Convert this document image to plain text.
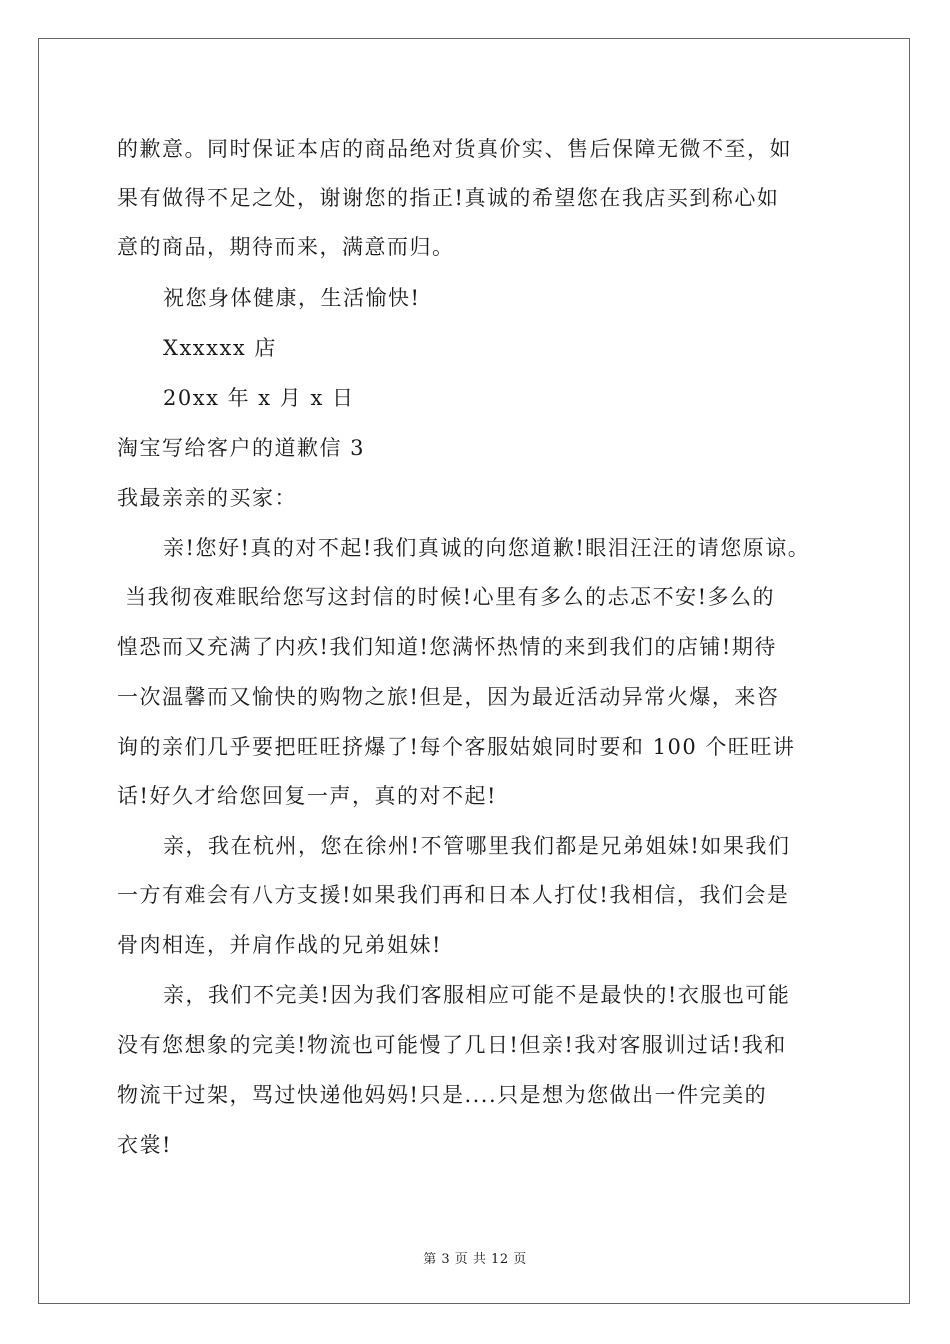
的歉意。同时保证本店的商品绝对货真价实、售后保障无微不至，如
果有做得不足之处，谢谢您的指正!真诚的希望您在我店买到称心如
意的商品，期待而来，满意而归。
祝您身体健康，生活愉快!
Xxxxxx 店
20xx 年 x 月 x 日
淘宝写给客户的道歉信 3
我最亲亲的买家：
亲!您好!真的对不起!我们真诚的向您道歉!眼泪汪汪的请您原谅。
当我彻夜难眠给您写这封信的时候!心里有多么的忐忑不安!多么的
惶恐而又充满了内疚!我们知道!您满怀热情的来到我们的店铺!期待
一次温馨而又愉快的购物之旅!但是，因为最近活动异常火爆，来咨
询的亲们几乎要把旺旺挤爆了!每个客服姑娘同时要和 100 个旺旺讲
话!好久才给您回复一声，真的对不起!
亲，我在杭州，您在徐州!不管哪里我们都是兄弟姐妹!如果我们
一方有难会有八方支援!如果我们再和日本人打仗!我相信，我们会是
骨肉相连，并肩作战的兄弟姐妹!
亲，我们不完美!因为我们客服相应可能不是最快的!衣服也可能
没有您想象的完美!物流也可能慢了几日!但亲!我对客服训过话!我和
物流干过架，骂过快递他妈妈!只是....只是想为您做出一件完美的
衣裳!
第 3 页 共 12 页
